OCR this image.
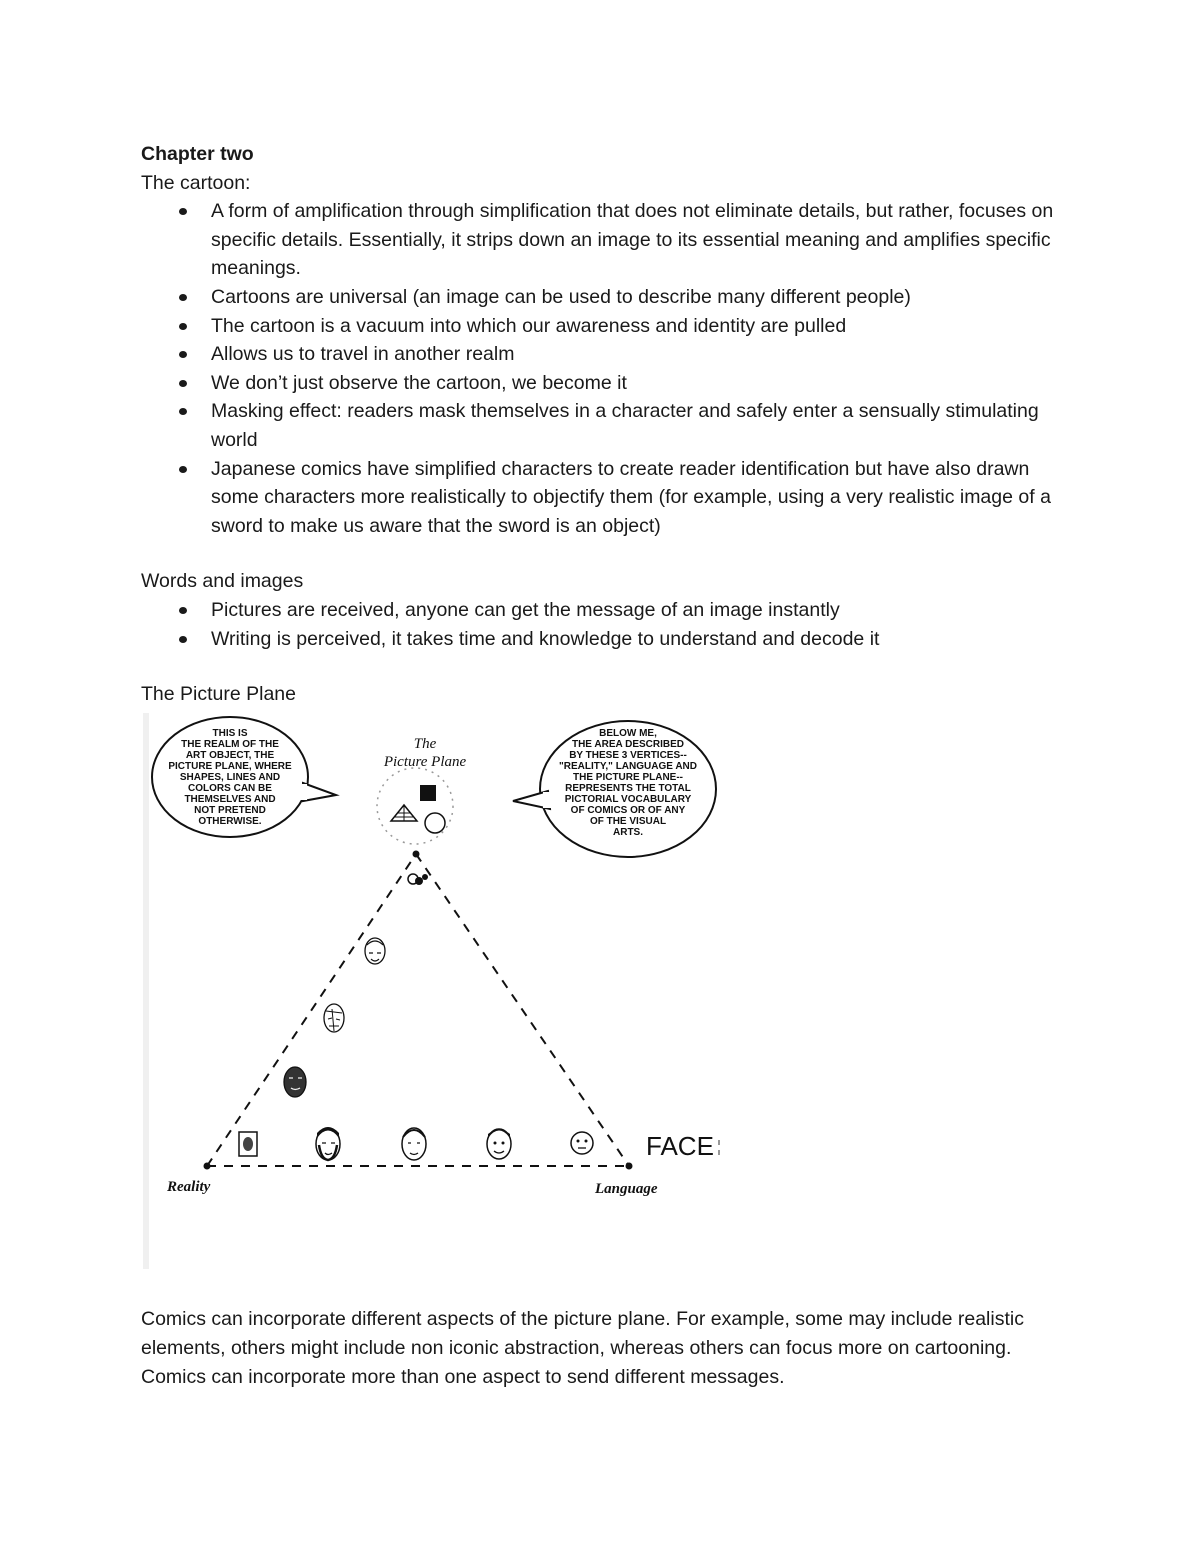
Chapter two

The cartoon:

A form of amplification through simplification that does not eliminate details, but rather, focuses on specific details. Essentially, it strips down an image to its essential meaning and amplifies specific meanings.
Cartoons are universal (an image can be used to describe many different people)
The cartoon is a vacuum into which our awareness and identity are pulled
Allows us to travel in another realm
We don’t just observe the cartoon, we become it
Masking effect: readers mask themselves in a character and safely enter a sensually stimulating world
Japanese comics have simplified characters to create reader identification but have also drawn some characters more realistically to objectify them (for example, using a very realistic image of a sword to make us aware that the sword is an object)

Words and images

Pictures are received, anyone can get the message of an image instantly
Writing is perceived, it takes time and knowledge to understand and decode it

The Picture Plane

THIS IS
THE REALM OF THE
ART OBJECT, THE
PICTURE PLANE, WHERE
SHAPES, LINES AND
COLORS CAN BE
THEMSELVES AND
NOT PRETEND
OTHERWISE.
BELOW ME,
THE AREA DESCRIBED
BY THESE 3 VERTICES--
"REALITY," LANGUAGE AND
THE PICTURE PLANE--
REPRESENTS THE TOTAL
PICTORIAL VOCABULARY
OF COMICS OR OF ANY
OF THE VISUAL
ARTS.
The
Picture Plane
FACE
Reality	Language

Comics can incorporate different aspects of the picture plane. For example, some may include realistic elements, others might include non iconic abstraction, whereas others can focus more on cartooning. Comics can incorporate more than one aspect to send different messages.
